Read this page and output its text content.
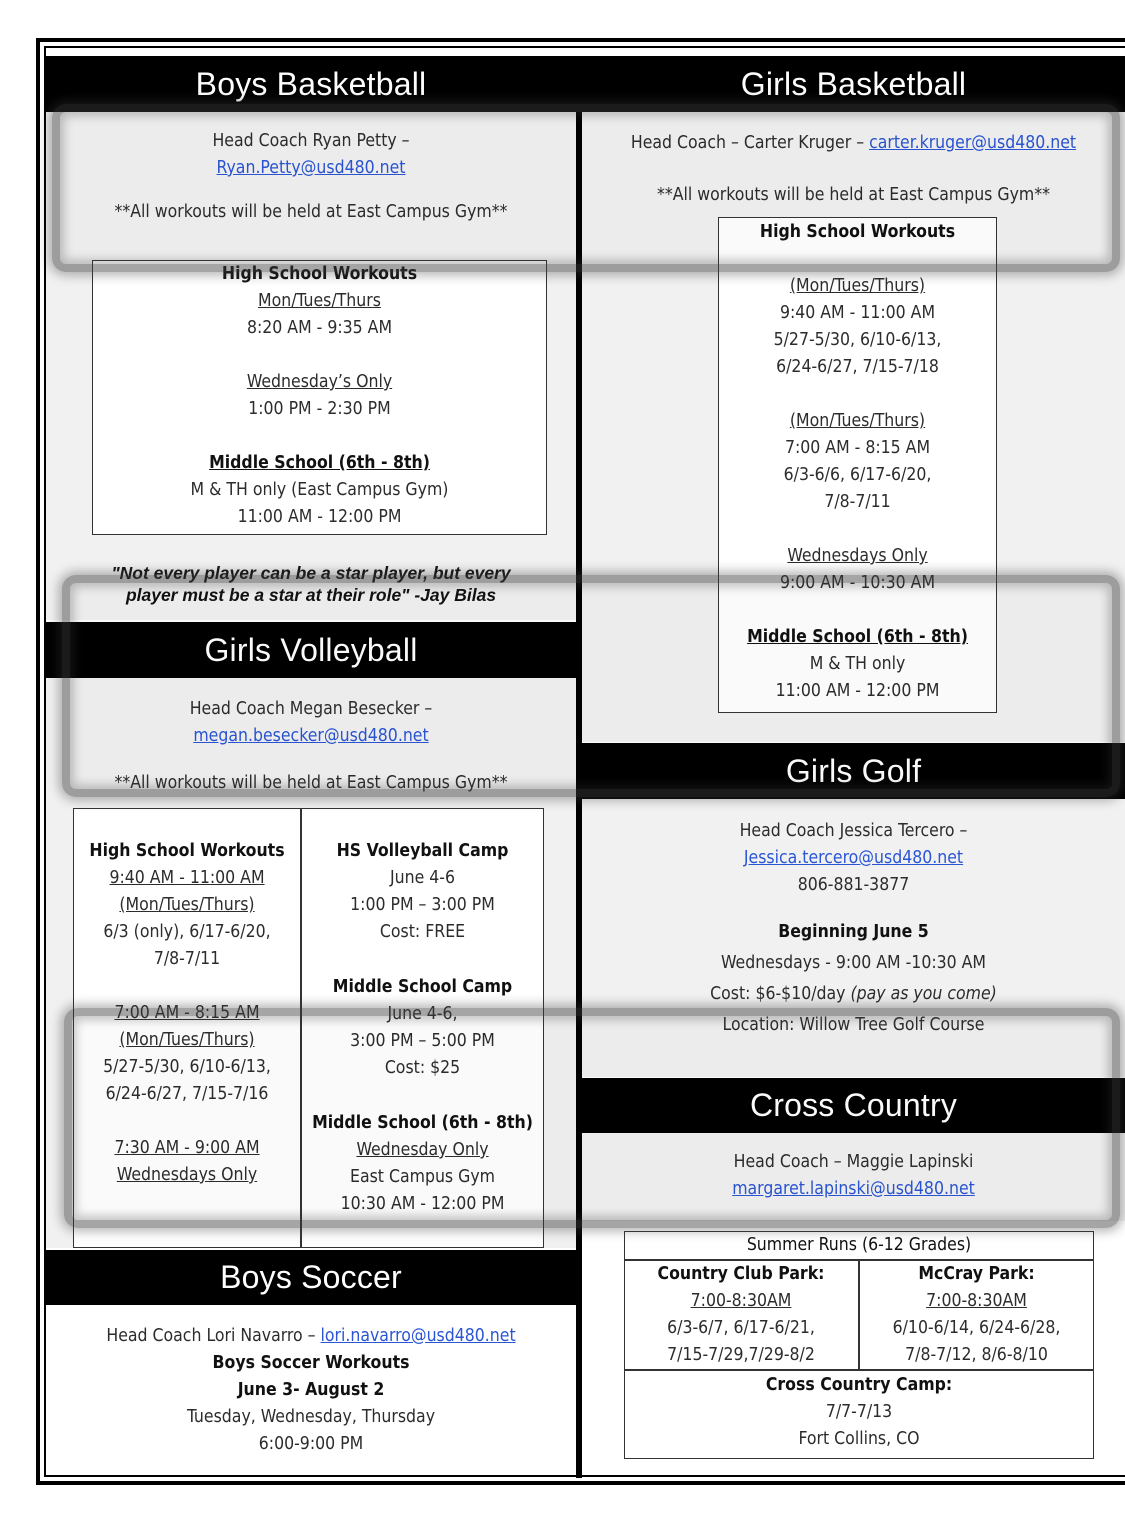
Boys Basketball
Head Coach Ryan Petty –
Ryan.Petty@usd480.net
**All workouts will be held at East Campus Gym**
High School Workouts
Mon/Tues/Thurs
8:20 AM - 9:35 AM

Wednesday’s Only
1:00 PM - 2:30 PM

Middle School (6th - 8th)
M & TH only (East Campus Gym)
11:00 AM - 12:00 PM
"Not every player can be a star player, but every
player must be a star at their role" -Jay Bilas
Girls Volleyball
Head Coach Megan Besecker –
megan.besecker@usd480.net
**All workouts will be held at East Campus Gym**
High School Workouts
9:40 AM - 11:00 AM
(Mon/Tues/Thurs)
6/3 (only), 6/17-6/20,
7/8-7/11

7:00 AM - 8:15 AM
(Mon/Tues/Thurs)
5/27-5/30, 6/10-6/13,
6/24-6/27, 7/15-7/16

7:30 AM - 9:00 AM
Wednesdays Only
HS Volleyball Camp
June 4-6
1:00 PM – 3:00 PM
Cost: FREE
Middle School Camp
June 4-6,
3:00 PM – 5:00 PM
Cost: $25
Middle School (6th - 8th)
Wednesday Only
East Campus Gym
10:30 AM - 12:00 PM
Boys Soccer
Head Coach Lori Navarro – lori.navarro@usd480.net
Boys Soccer Workouts
June 3- August 2
Tuesday, Wednesday, Thursday
6:00-9:00 PM
Girls Basketball
Head Coach – Carter Kruger – carter.kruger@usd480.net
**All workouts will be held at East Campus Gym**
High School Workouts

(Mon/Tues/Thurs)
9:40 AM - 11:00 AM
5/27-5/30, 6/10-6/13,
6/24-6/27, 7/15-7/18

(Mon/Tues/Thurs)
7:00 AM - 8:15 AM
6/3-6/6, 6/17-6/20,
7/8-7/11

Wednesdays Only
9:00 AM - 10:30 AM

Middle School (6th - 8th)
M & TH only
11:00 AM - 12:00 PM
Girls Golf
Head Coach Jessica Tercero –
Jessica.tercero@usd480.net
806-881-3877
Beginning June 5
Wednesdays - 9:00 AM -10:30 AM
Cost: $6-$10/day (pay as you come)
Location: Willow Tree Golf Course
Cross Country
Head Coach – Maggie Lapinski
margaret.lapinski@usd480.net
Summer Runs (6-12 Grades)
Country Club Park:
7:00-8:30AM
6/3-6/7, 6/17-6/21,
7/15-7/29,7/29-8/2
McCray Park:
7:00-8:30AM
6/10-6/14, 6/24-6/28,
7/8-7/12, 8/6-8/10
Cross Country Camp:
7/7-7/13
Fort Collins, CO
